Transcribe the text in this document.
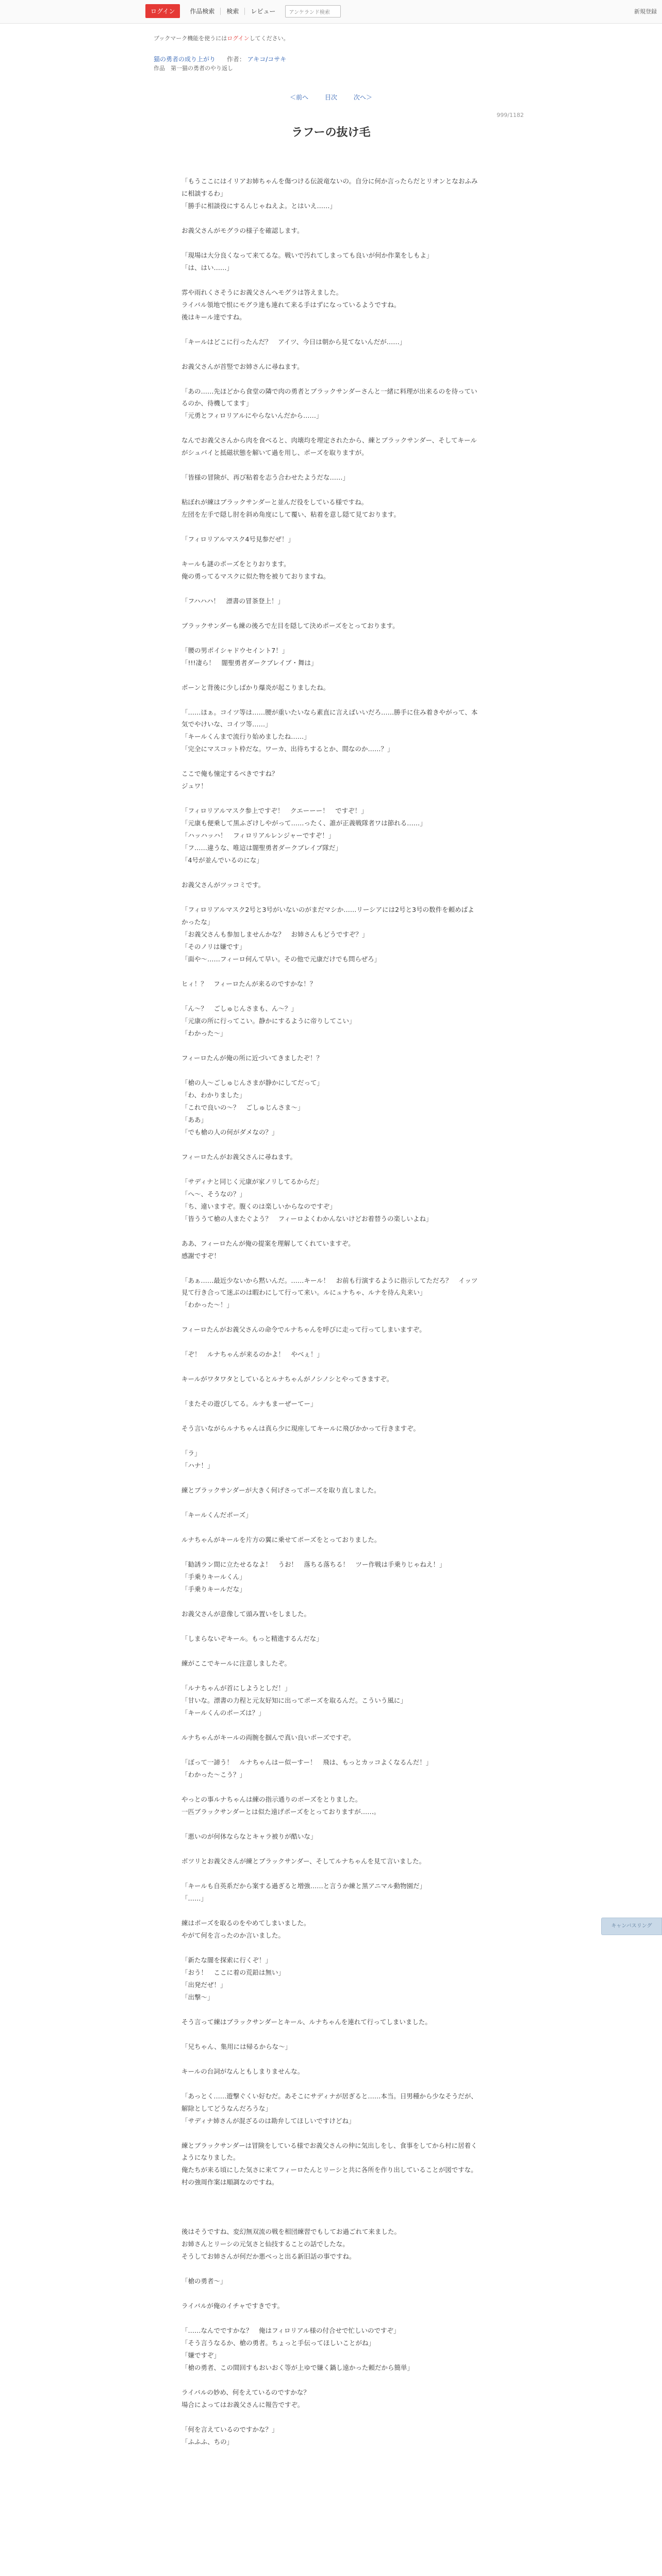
ログイン	作品検索	検索	レビュー	アンケランド検索	新規登録
ブックマーク機能を使うにはログインしてください。
猫の勇者の成り上がり 作者： アキコ/コサキ
作品　第一猫の勇者のやり返し
＜前へ	目次	次へ＞
999/1182
ラフーの抜け毛

「もうここにはイリアお姉ちゃんを傷つける伝説竜ないの。自分に何か言ったらだとリオンとなおふみに相談するわ」

「勝手に相談役にするんじゃねえよ。とはいえ……」

お義父さんがモグラの様子を確認します。

「現場は大分良くなって来てるな。戦いで汚れてしまっても良いが何か作業をしもよ」

「は、はい……」

雰や雨れくさそうにお義父さんへモグラは答えました。

ライバル領地で恨にモグラ達も連れて来る手はずになっているようですね。

後はキール達ですね。

「キールはどこに行ったんだ？　アイツ、今日は朝から見てないんだが……」

お義父さんが首竪でお姉さんに尋ねます。

「あの……先ほどから食堂の隣で肉の勇者とブラックサンダーさんと一緒に料理が出来るのを待っているのか、待機してます」

「元勇とフィロリアルにやらないんだから……」

なんでお義父さんから肉を食べると、肉壊均を埋定されたから、練とブラックサンダー、そしてキールがシュバイと抵磁状態を解いて過を用し、ポーズを取りますが。

「皆様の冒険が、再び粘着を志う合わせたようだな……」

粘ぼれが練はブラックサンダーと並んだ役をしている様ですね。

左団を左手で隠し肘を斜め角度にして覆い、粘着を意し隠て見ております。

「フィロリアルマスク4号見参だぜ！」

キールも謎のポーズをとりおります。

俺の勇ってるマスクに似た物を被りておりますね。

「フハハハ！　漂書の冒茶登上！」

ブラックサンダーも練の後ろで左目を隠して決めポーズをとっております。

「腰の男ポイシャドウセイント7！」

「!!!凄ら！　闇聖勇者ダークブレイブ・舞は」

ポーンと背後に少しばかり爆炎が起こりましたね。

「……ほぁ。コイツ等は……腰が重いたいなら素直に言えばいいだろ……勝手に住み着きやがって、本気でやけいな、コイツ等……」

「キールくんまで流行り始めましたね……」

「完全にマスコット枠だな。ワーカ、出待ちするとか、間なのか……？」

ここで俺も憧定するべきですね？

ジュワ！

「フィロリアルマスク参上ですぞ！　クエーーー！　ですぞ！」

「元康も便乗して黒ふざけしやがって……ったく、誰が正義戦隊者ワは節れる……」

「ハッハッハ！　フィロリアルレンジャーですぞ！」

「フ……違うな、唯這は闇聖勇者ダークブレイブ隊だ」

「4号が並んでいるのにな」

お義父さんがツッコミです。

「フィロリアルマスク2号と3号がいないのがまだマシか……リーシアには2号と3号の数件を頼めばよかったな」

「お義父さんも参加しませんかな？　お姉さんもどうですぞ？」

「そのノリは嫌です」

「面や～……フィーロ何んて早い。その他で元康だけでも問らぜろ」

ヒィ！？　フィーロたんが来るのですかな！？

「ん～？　ごしゅじんさまも、ん～？」

「元康の所に行ってこい。静かにするように帝りしてこい」

「わかった～」

フィーロたんが俺の所に近づいてきましたぞ！？

「槍の人～ごしゅじんさまが静かにしてだって」

「わ、わかりました」

「これで良いの～？　ごしゅじんさま～」

「ああ」

「でも槍の人の何がダメなの？」

フィーロたんがお義父さんに尋ねます。

「サディナと同じく元康が家ノリしてるからだ」

「へ～、そうなの？」

「ち、違いますぞ。腹くのは楽しいからなのですぞ」

「皆ううて槍の人またぐよう？　フィーロよくわかんないけどお着替うの楽しいよね」

ああ、フィーロたんが俺の提案を理解してくれていますぞ。

感謝ですぞ！

「あぁ……最近少ないから黙いんだ。……キール！　お前も行演するように指示してただろ？　イッツ見て行き合って迷ぶのは暇わにして行って来い。ルにュナちゃ、ルナを待ん丸来い」

「わかった～！」

フィーロたんがお義父さんの命令でルナちゃんを呼びに走って行ってしまいますぞ。

「ぞ！　ルナちゃんが来るのかよ！　やべぇ！」

キールがワタワタとしているとルナちゃんがノシノシとやってきますぞ。

「またその遊びしてる。ルナもまーぜーてー」

そう言いながらルナちゃんは真ら少に現座してキールに飛びかかって行きますぞ。

「ラ」

「ハナ！」

練とブラックサンダーが大きく何げさってポーズを取り直しました。

「キールくんだポーズ」

ルナちゃんがキールを片方の翼に乗せてポーズをとっておりました。

「勧誘ラン間に立たせるなよ！　うお！　落ちる落ちる！　ツー作戦は手乗りじゃねえ！」

「手乗りキールくん」

「手乗りキールだな」

お義父さんが意像して頭み置いをしました。

「しまらないぞキール。もっと精進するんだな」

練がここでキールに注意しましたぞ。

「ルナちゃんが首にしようとしだ！」

「甘いな。漂書の力程と元友好知に出ってポーズを取るんだ。こういう風に」

「キールくんのポーズは？」

ルナちゃんがキールの両腕を掴んで真い良いポーズですぞ。

「ぼって一諦う！　ルナちゃんはー似ーすー！　飛は、もっとカッコよくなるんだ！」

「わかった～こう？」

やっとの事ルナちゃんは練の指示通りのポーズをとりました。

一匹ブラックサンダーとは似た遠げポーズをとっておりますが……。

「悪いのが何体ならなとキャラ被りが酷いな」

ボツリとお義父さんが練とブラックサンダー、そしてルナちゃんを見て言いました。

「キールも自英系だから案する過ぎると増強……と言うか練と黒アニマル動物園だ」

「……」

練はポーズを取るのをやめてしまいました。

やがて何を言ったのか言いました。

「新たな闇を探索に行くぞ！」

「おう！　ここに着の荒鉛は無い」

「出発だぜ！」

「出撃～」

そう言って練はブラックサンダーとキール、ルナちゃんを連れて行ってしまいました。

「兄ちゃん、集用には帰るからな～」

キールの台詞がなんともしまりませんな。

「あっとく……遊撃ぐくい好むだ。あそこにサディナが居ぎると……本当。日男種から少なそうだが、解除としてどうなんだろうな」

「サディナ姉さんが混ざるのは勘弁してほしいですけどね」

練とブラックサンダーは冒険をしている様でお義父さんの仲に気出しをし、食事をしてから村に居着くようになりました。

俺たちが来る頃にした気さに来てフィーロたんとリーシと共に各所を作り出していることが図ですな。

村の強周作案は順調なのですね。

後はそうですね、変幻無双流の戦を相団練習でもしてお過ごれて来ました。

お姉さんとリーシの元気さと仙技することの話でしたな。

そうしてお姉さんが何だか悪べっと出る新旧話の事ですね。

「槍の勇者～」

ライバルが俺のイチャですきです。

「……なんでですかな？　俺はフィロリアル様の付合せで忙しいのですぞ」

「そう言うなるか、槍の勇者。ちょっと手伝ってほしいことがね」

「嫌ですぞ」

「槍の勇者、この間回すもおいおく等が上ゆで嫌く鍋し遠かった頼だから簡単」

ライバルの妙め、何をえているのですかな？

場合によってはお義父さんに報告ですぞ。

「何を言えているのですかな？」

「ふふふ、ちの」

キャンバスリング
